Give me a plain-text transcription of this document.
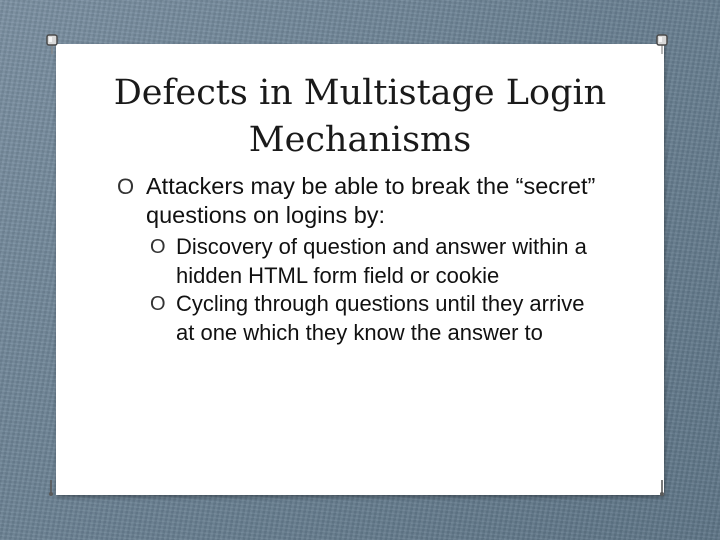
Defects in Multistage Login
Mechanisms
O Attackers may be able to break the “secret” questions on logins by:
O Discovery of question and answer within a hidden HTML form field or cookie
O Cycling through questions until they arrive at one which they know the answer to
